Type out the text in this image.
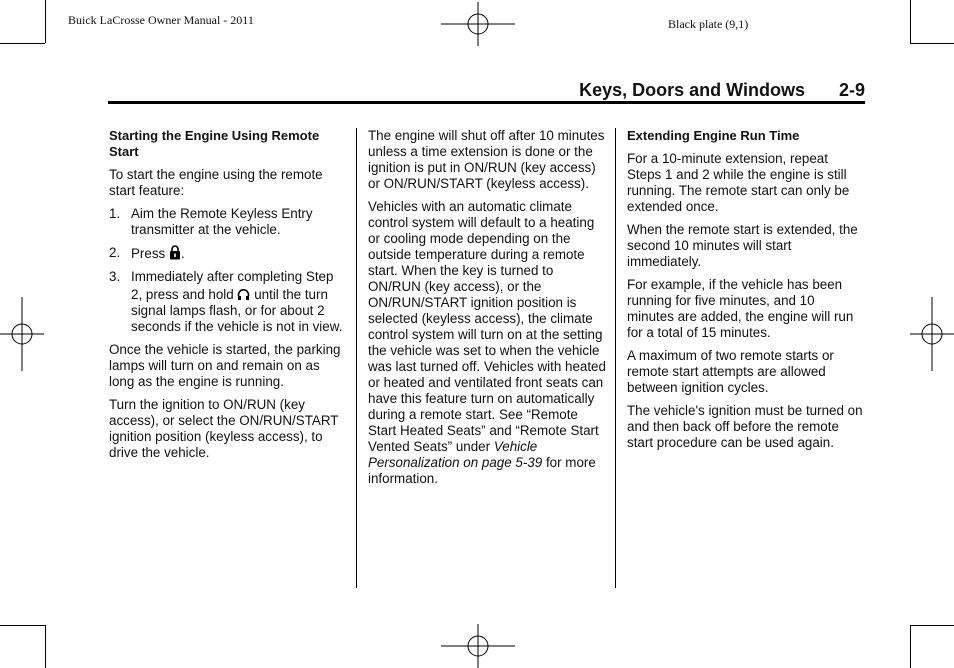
Buick LaCrosse Owner Manual - 2011	Black plate (9,1)
Keys, Doors and Windows 2-9
Starting the Engine Using Remote Start

To start the engine using the remote start feature:

1. Aim the Remote Keyless Entry transmitter at the vehicle.
2. Press .
3. Immediately after completing Step 2, press and hold until the turn signal lamps flash, or for about 2 seconds if the vehicle is not in view.

Once the vehicle is started, the parking lamps will turn on and remain on as long as the engine is running.

Turn the ignition to ON/RUN (key access), or select the ON/RUN/START ignition position (keyless access), to drive the vehicle.

The engine will shut off after 10 minutes unless a time extension is done or the ignition is put in ON/RUN (key access) or ON/RUN/START (keyless access).

Vehicles with an automatic climate control system will default to a heating or cooling mode depending on the outside temperature during a remote start. When the key is turned to ON/RUN (key access), or the ON/RUN/START ignition position is selected (keyless access), the climate control system will turn on at the setting the vehicle was set to when the vehicle was last turned off. Vehicles with heated or heated and ventilated front seats can have this feature turn on automatically during a remote start. See “Remote Start Heated Seats” and “Remote Start Vented Seats” under Vehicle Personalization on page 5‑39 for more information.

Extending Engine Run Time

For a 10-minute extension, repeat Steps 1 and 2 while the engine is still running. The remote start can only be extended once.

When the remote start is extended, the second 10 minutes will start immediately.

For example, if the vehicle has been running for five minutes, and 10 minutes are added, the engine will run for a total of 15 minutes.

A maximum of two remote starts or remote start attempts are allowed between ignition cycles.

The vehicle's ignition must be turned on and then back off before the remote start procedure can be used again.
